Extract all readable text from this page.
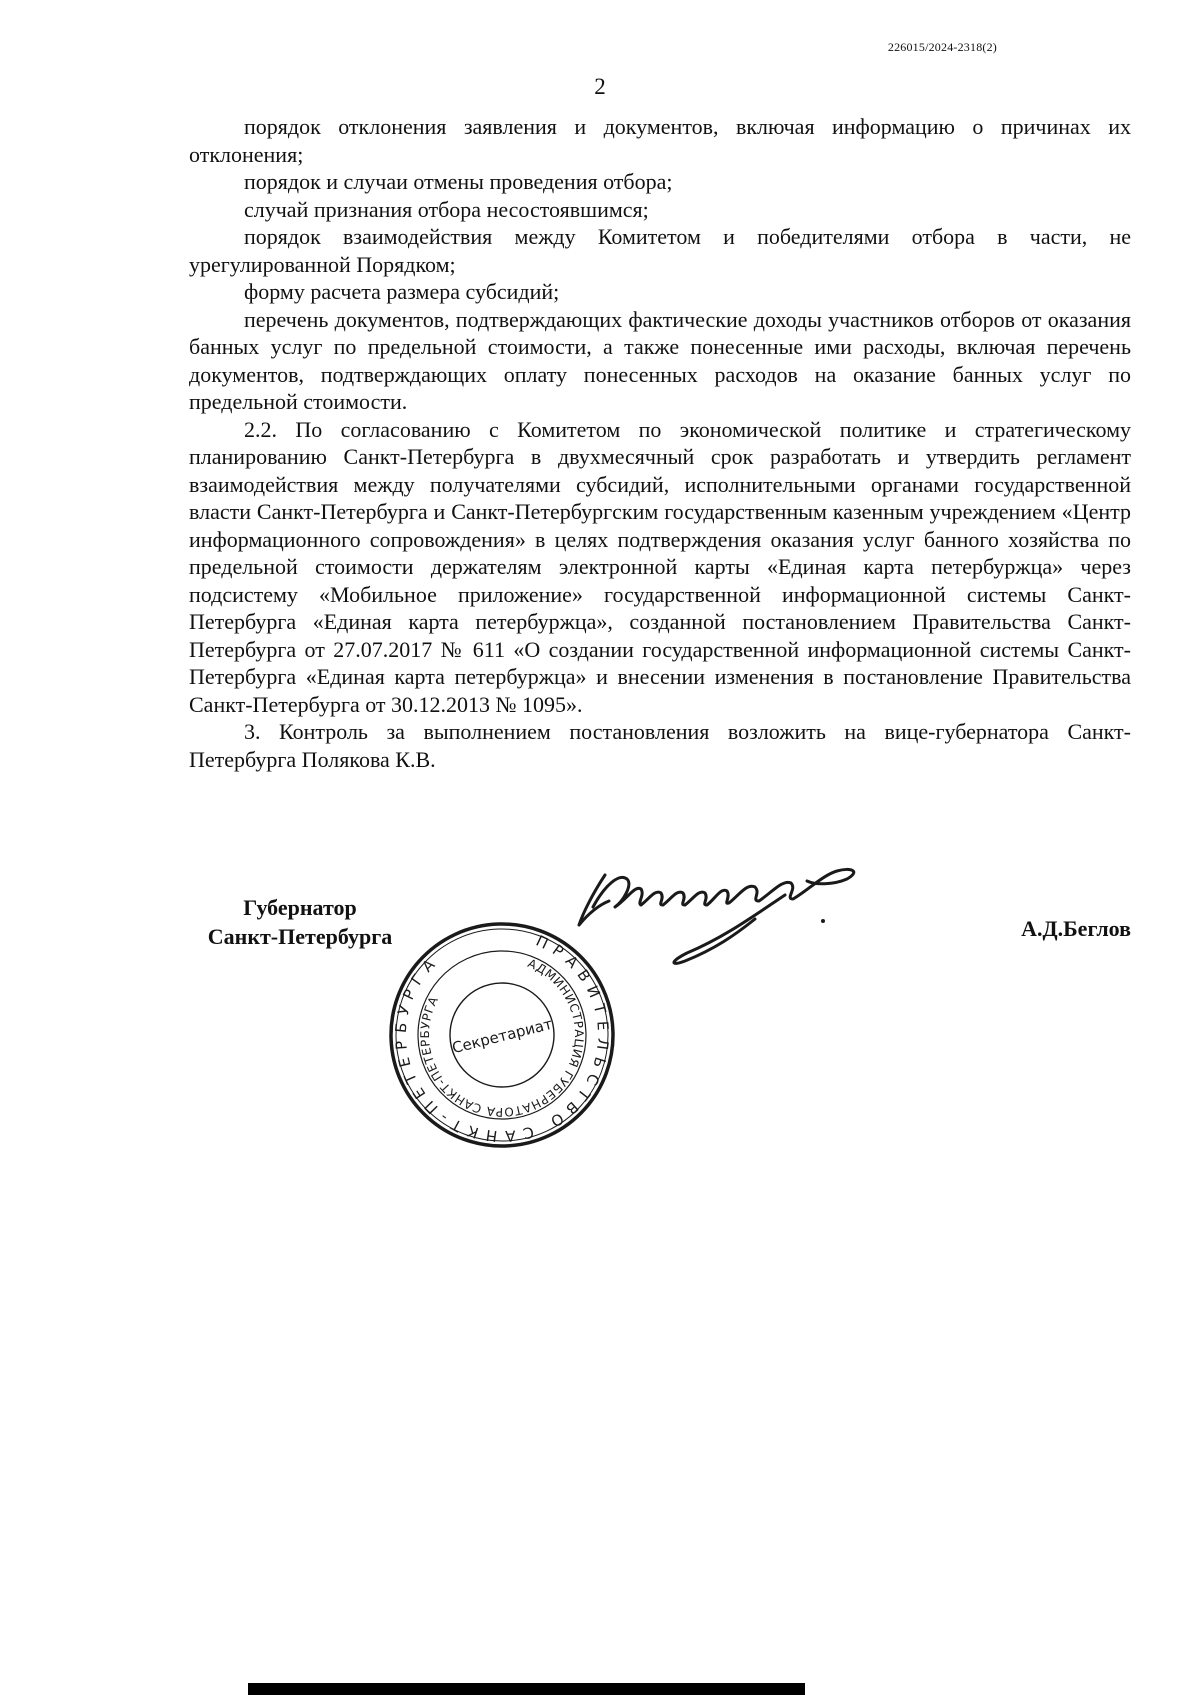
226015/2024-2318(2)
2

порядок отклонения заявления и документов, включая информацию о причинах их отклонения;

порядок и случаи отмены проведения отбора;

случай признания отбора несостоявшимся;

порядок взаимодействия между Комитетом и победителями отбора в части, не урегулированной Порядком;

форму расчета размера субсидий;

перечень документов, подтверждающих фактические доходы участников отборов от оказания банных услуг по предельной стоимости, а также понесенные ими расходы, включая перечень документов, подтверждающих оплату понесенных расходов на оказание банных услуг по предельной стоимости.

2.2. По согласованию с Комитетом по экономической политике и стратегическому планированию Санкт-Петербурга в двухмесячный срок разработать и утвердить регламент взаимодействия между получателями субсидий, исполнительными органами государственной власти Санкт-Петербурга и Санкт-Петербургским государственным казенным учреждением «Центр информационного сопровождения» в целях подтверждения оказания услуг банного хозяйства по предельной стоимости держателям электронной карты «Единая карта петербуржца» через подсистему «Мобильное приложение» государственной информационной системы Санкт-Петербурга «Единая карта петербуржца», созданной постановлением Правительства Санкт-Петербурга от 27.07.2017 № 611 «О создании государственной информационной системы Санкт-Петербурга «Единая карта петербуржца» и внесении изменения в постановление Правительства Санкт-Петербурга от 30.12.2013 № 1095».

3. Контроль за выполнением постановления возложить на вице-губернатора Санкт-Петербурга Полякова К.В.

Губернатор
Санкт-Петербурга	А.Д.Беглов
ПРАВИТЕЛЬСТВО САНКТ-ПЕТЕРБУРГА	АДМИНИСТРАЦИЯ ГУБЕРНАТОРА САНКТ-ПЕТЕРБУРГА
Секретариат
